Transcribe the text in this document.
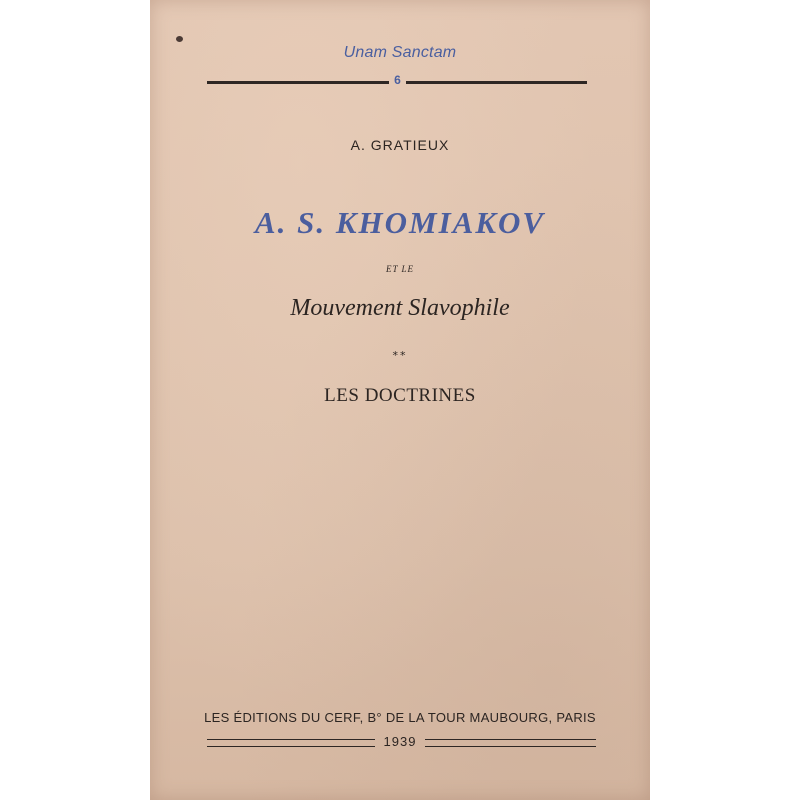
Unam Sanctam
6
A. GRATIEUX
A. S. KHOMIAKOV
ET LE
Mouvement Slavophile
**
LES DOCTRINES
LES ÉDITIONS DU CERF, B° DE LA TOUR MAUBOURG, PARIS
1939
